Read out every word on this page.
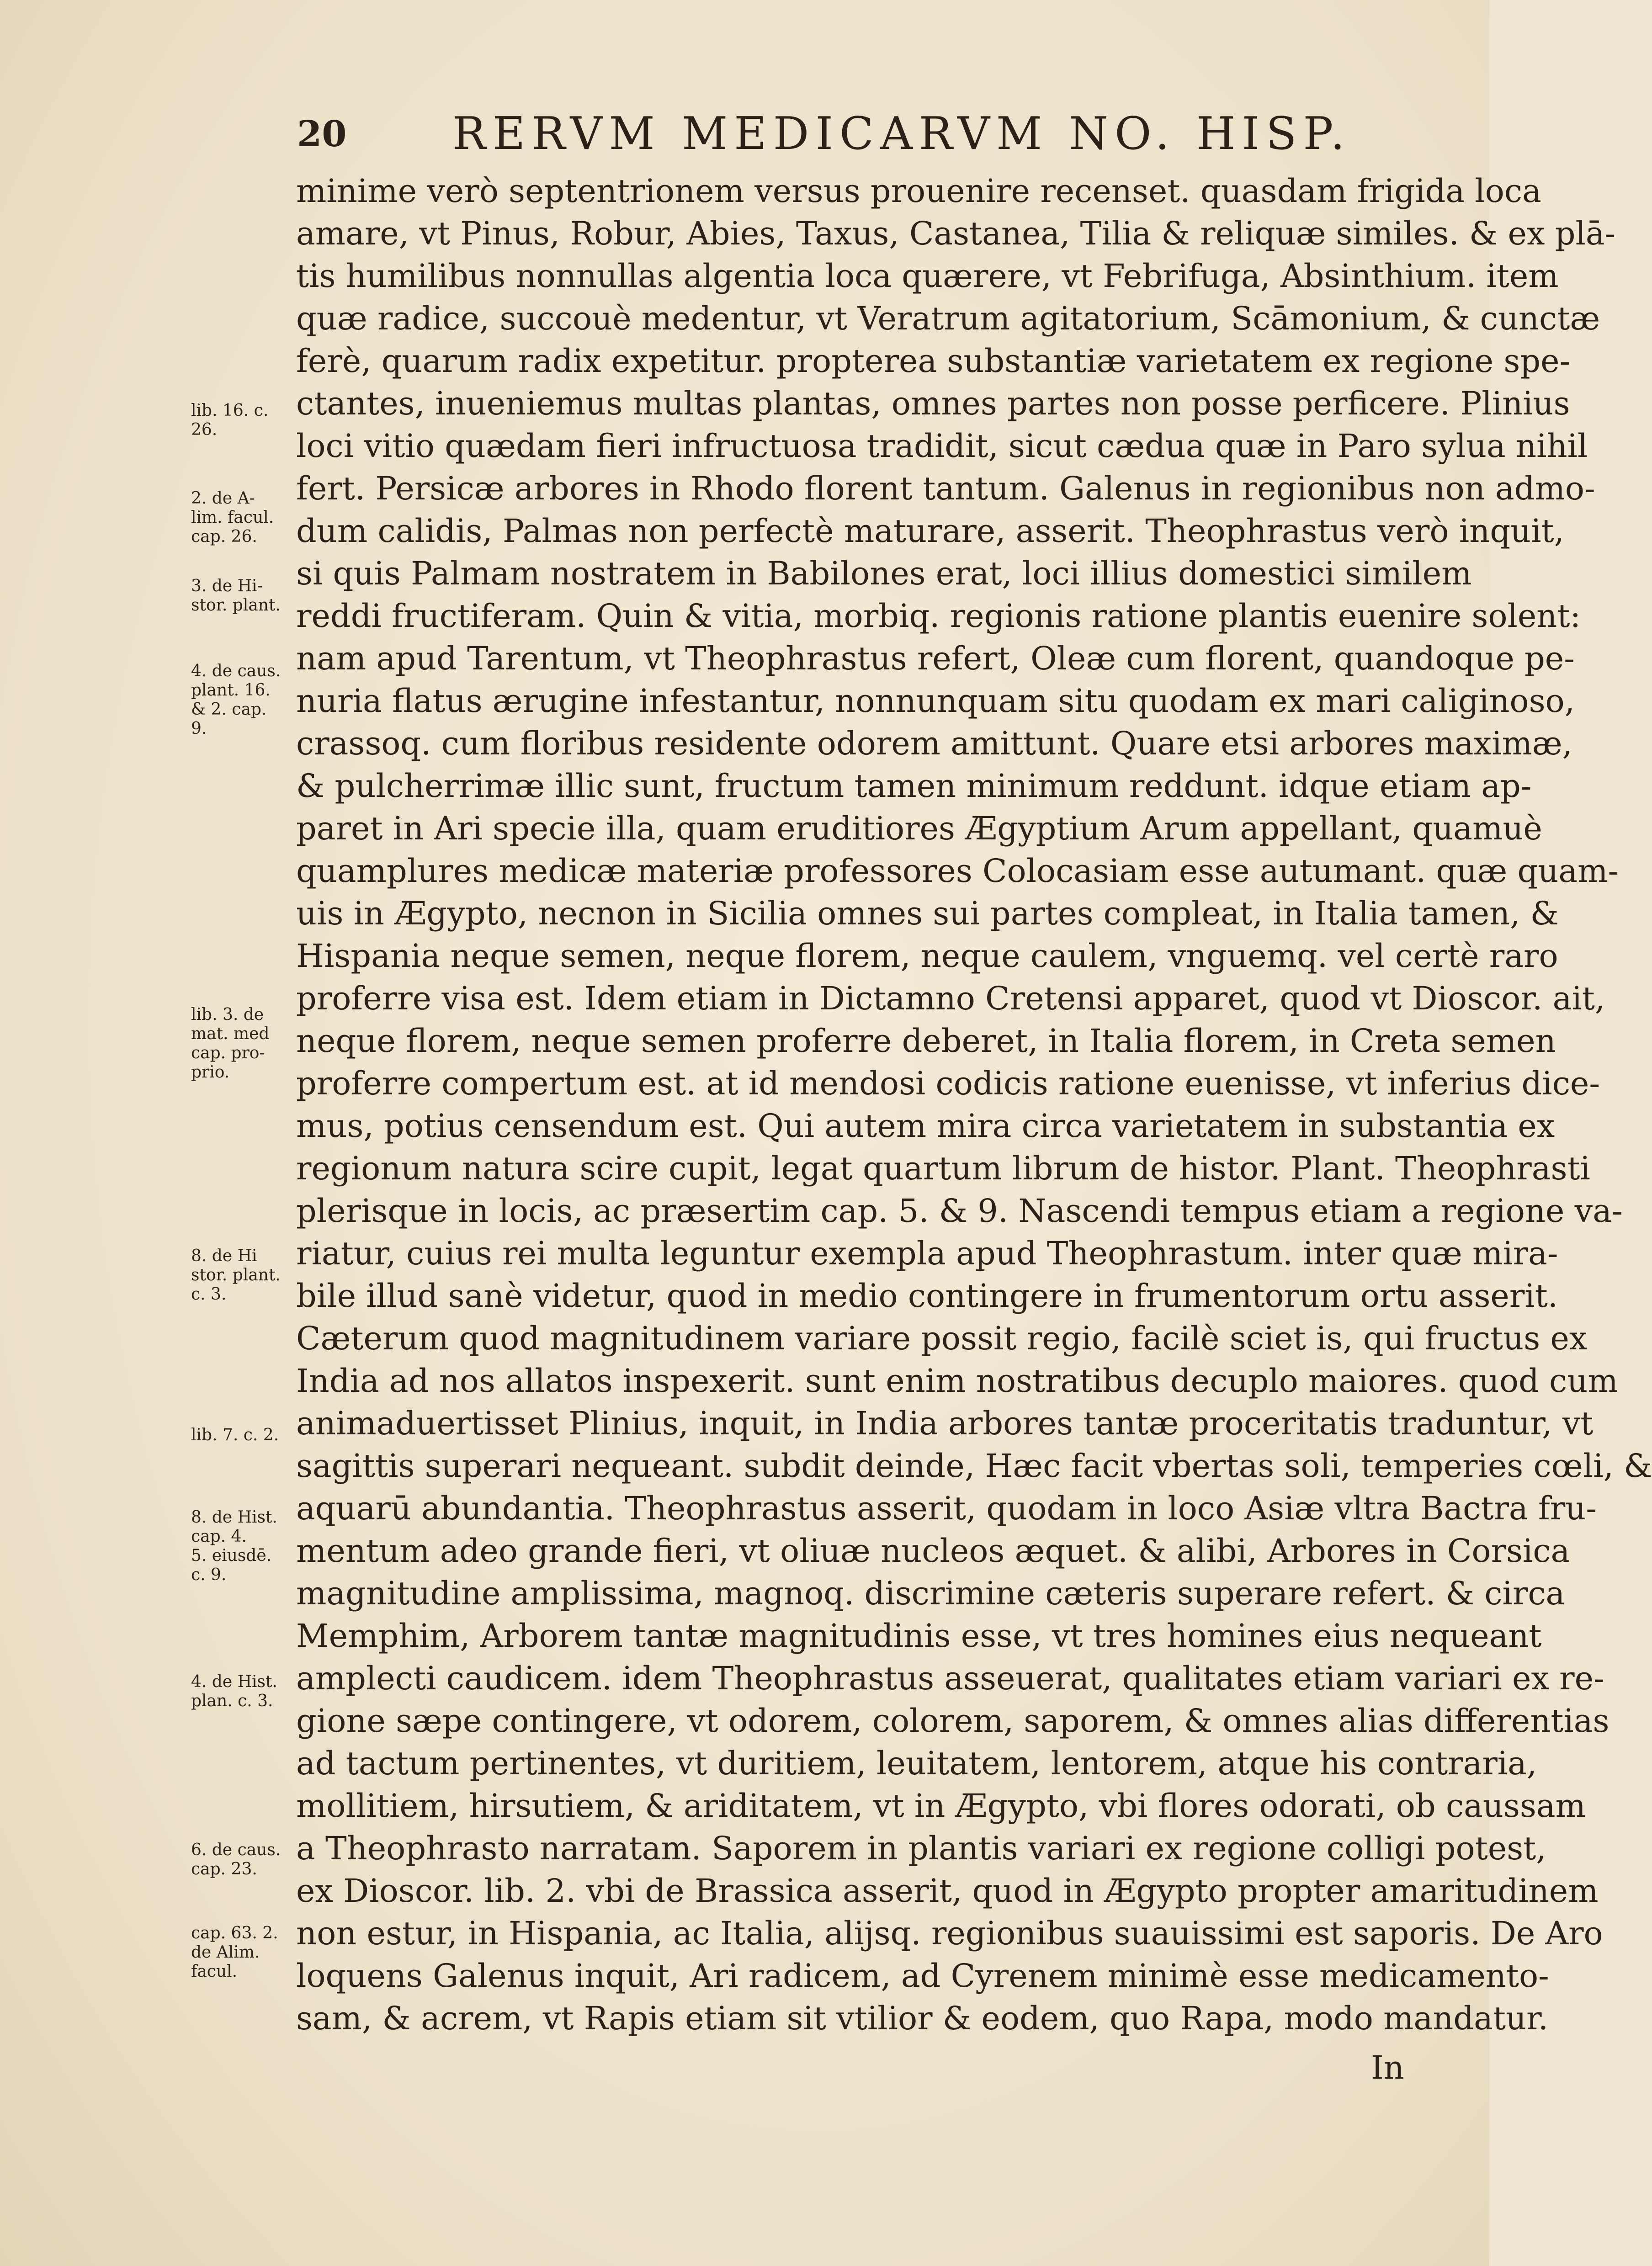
20 RERVM MEDICARVM NO. HISP.
minime verò septentrionem versus prouenire recenset. quasdam frigida loca
amare, vt Pinus, Robur, Abies, Taxus, Castanea, Tilia & reliquæ similes. & ex plā-
tis humilibus nonnullas algentia loca quærere, vt Febrifuga, Absinthium. item
quæ radice, succouè medentur, vt Veratrum agitatorium, Scāmonium, & cunctæ
ferè, quarum radix expetitur. propterea substantiæ varietatem ex regione spe-
ctantes, inueniemus multas plantas, omnes partes non posse perficere. Plinius
loci vitio quædam fieri infructuosa tradidit, sicut cædua quæ in Paro sylua nihil
fert. Persicæ arbores in Rhodo florent tantum. Galenus in regionibus non admo-
dum calidis, Palmas non perfectè maturare, asserit. Theophrastus verò inquit,
si quis Palmam nostratem in Babilones erat, loci illius domestici similem
reddi fructiferam. Quin & vitia, morbiq. regionis ratione plantis euenire solent:
nam apud Tarentum, vt Theophrastus refert, Oleæ cum florent, quandoque pe-
nuria flatus ærugine infestantur, nonnunquam situ quodam ex mari caliginoso,
crassoq. cum floribus residente odorem amittunt. Quare etsi arbores maximæ,
& pulcherrimæ illic sunt, fructum tamen minimum reddunt. idque etiam ap-
paret in Ari specie illa, quam eruditiores Ægyptium Arum appellant, quamuè
quamplures medicæ materiæ professores Colocasiam esse autumant. quæ quam-
uis in Ægypto, necnon in Sicilia omnes sui partes compleat, in Italia tamen, &
Hispania neque semen, neque florem, neque caulem, vnguemq. vel certè raro
proferre visa est. Idem etiam in Dictamno Cretensi apparet, quod vt Dioscor. ait,
neque florem, neque semen proferre deberet, in Italia florem, in Creta semen
proferre compertum est. at id mendosi codicis ratione euenisse, vt inferius dice-
mus, potius censendum est. Qui autem mira circa varietatem in substantia ex
regionum natura scire cupit, legat quartum librum de histor. Plant. Theophrasti
plerisque in locis, ac præsertim cap. 5. & 9. Nascendi tempus etiam a regione va-
riatur, cuius rei multa leguntur exempla apud Theophrastum. inter quæ mira-
bile illud sanè videtur, quod in medio contingere in frumentorum ortu asserit.
Cæterum quod magnitudinem variare possit regio, facilè sciet is, qui fructus ex
India ad nos allatos inspexerit. sunt enim nostratibus decuplo maiores. quod cum
animaduertisset Plinius, inquit, in India arbores tantæ proceritatis traduntur, vt
sagittis superari nequeant. subdit deinde, Hæc facit vbertas soli, temperies cœli, &
aquarū abundantia. Theophrastus asserit, quodam in loco Asiæ vltra Bactra fru-
mentum adeo grande fieri, vt oliuæ nucleos æquet. & alibi, Arbores in Corsica
magnitudine amplissima, magnoq. discrimine cæteris superare refert. & circa
Memphim, Arborem tantæ magnitudinis esse, vt tres homines eius nequeant
amplecti caudicem. idem Theophrastus asseuerat, qualitates etiam variari ex re-
gione sæpe contingere, vt odorem, colorem, saporem, & omnes alias differentias
ad tactum pertinentes, vt duritiem, leuitatem, lentorem, atque his contraria,
mollitiem, hirsutiem, & ariditatem, vt in Ægypto, vbi flores odorati, ob caussam
a Theophrasto narratam. Saporem in plantis variari ex regione colligi potest,
ex Dioscor. lib. 2. vbi de Brassica asserit, quod in Ægypto propter amaritudinem
non estur, in Hispania, ac Italia, alijsq. regionibus suauissimi est saporis. De Aro
loquens Galenus inquit, Ari radicem, ad Cyrenem minimè esse medicamento-
sam, & acrem, vt Rapis etiam sit vtilior & eodem, quo Rapa, modo mandatur.
In
lib. 16. c.
26.
2. de A-
lim. facul.
cap. 26.
3. de Hi-
stor. plant.
4. de caus.
plant. 16.
& 2. cap.
9.
lib. 3. de
mat. med
cap. pro-
prio.
8. de Hi
stor. plant.
c. 3.
lib. 7. c. 2.
8. de Hist.
cap. 4.
5. eiusdē.
c. 9.
4. de Hist.
plan. c. 3.
6. de caus.
cap. 23.
cap. 63. 2.
de Alim.
facul.
